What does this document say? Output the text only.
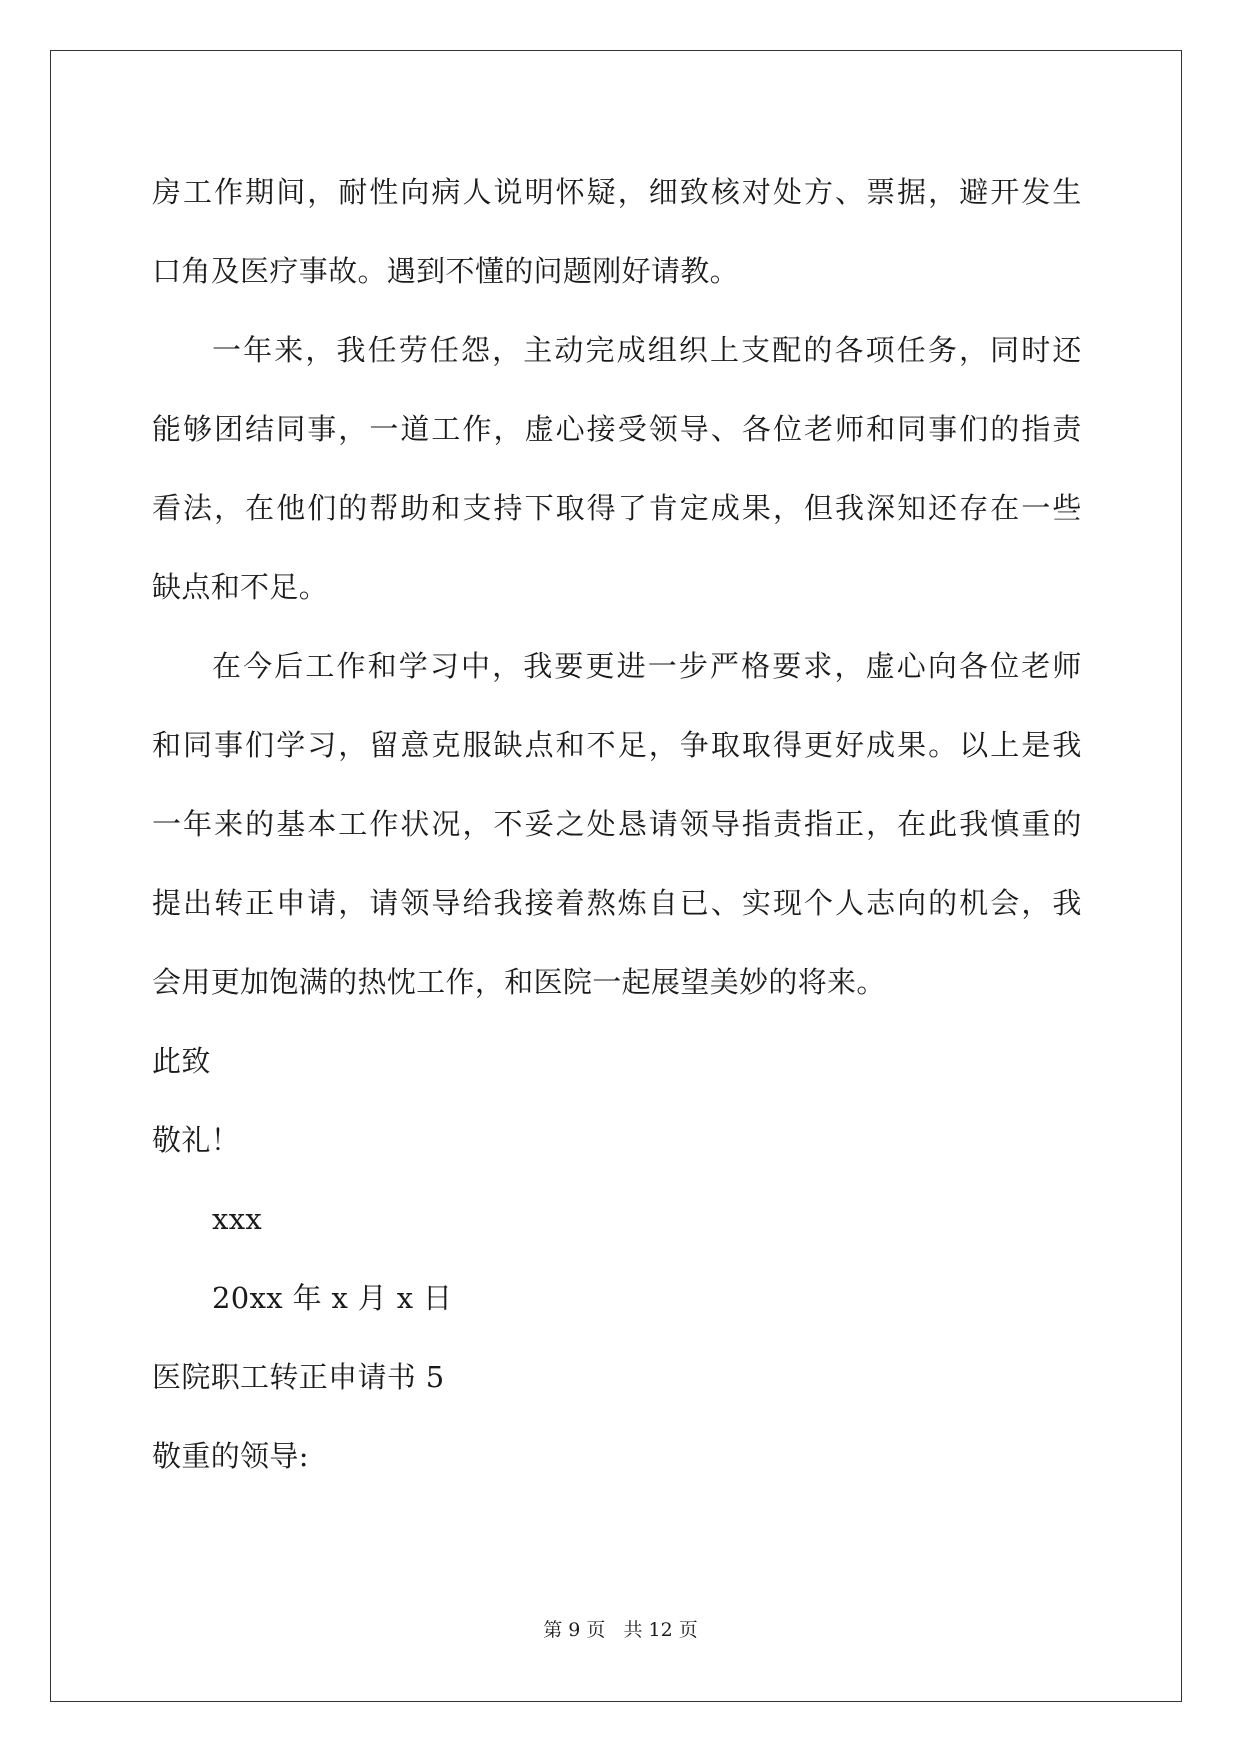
房 工 作 期 间 ， 耐 性 向 病 人 说 明 怀 疑 ， 细 致 核 对 处 方 、 票 据 ， 避 开 发 生
口角及医疗事故。遇到不懂的问题刚好请教。
一 年 来 ， 我 任 劳 任 怨 ， 主 动 完 成 组 织 上 支 配 的 各 项 任 务 ， 同 时 还
能 够 团 结 同 事 ， 一 道 工 作 ， 虚 心 接 受 领 导 、 各 位 老 师 和 同 事 们 的 指 责
看 法 ， 在 他 们 的 帮 助 和 支 持 下 取 得 了 肯 定 成 果 ， 但 我 深 知 还 存 在 一 些
缺点和不足。
在 今 后 工 作 和 学 习 中 ， 我 要 更 进 一 步 严 格 要 求 ， 虚 心 向 各 位 老 师
和 同 事 们 学 习 ， 留 意 克 服 缺 点 和 不 足 ， 争 取 取 得 更 好 成 果 。 以 上 是 我
一 年 来 的 基 本 工 作 状 况 ， 不 妥 之 处 恳 请 领 导 指 责 指 正 ， 在 此 我 慎 重 的
提 出 转 正 申 请 ， 请 领 导 给 我 接 着 熬 炼 自 已 、 实 现 个 人 志 向 的 机 会 ， 我
会用更加饱满的热忱工作，和医院一起展望美妙的将来。
此致
敬礼！
xxx
20xx 年 x 月 x 日
医院职工转正申请书 5
敬重的领导:
第 9 页 共 12 页
